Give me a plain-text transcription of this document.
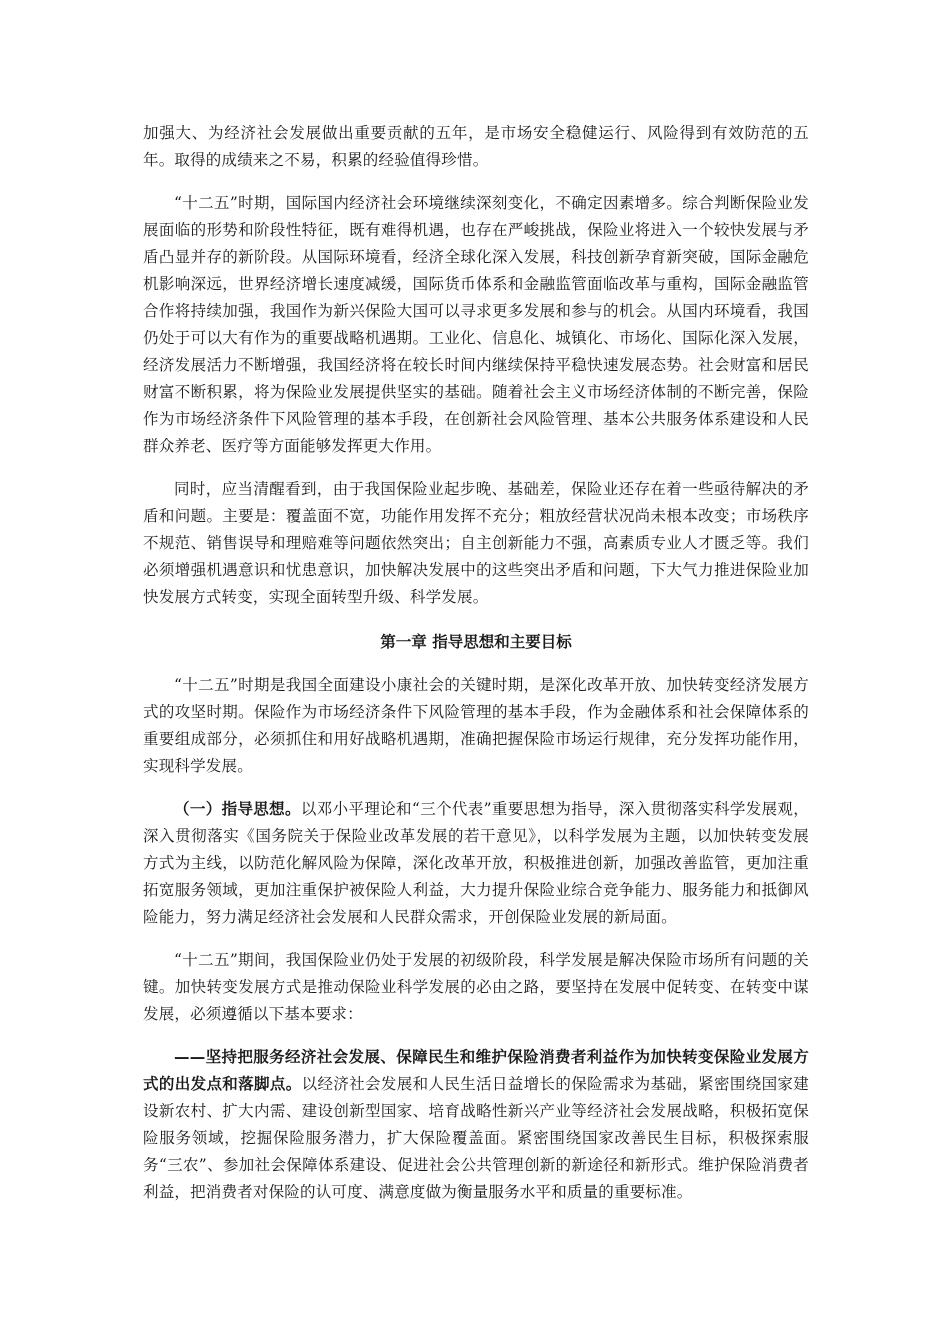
加强大、为经济社会发展做出重要贡献的五年，是市场安全稳健运行、风险得到有效防范的五年。取得的成绩来之不易，积累的经验值得珍惜。

“十二五”时期，国际国内经济社会环境继续深刻变化，不确定因素增多。综合判断保险业发展面临的形势和阶段性特征，既有难得机遇，也存在严峻挑战，保险业将进入一个较快发展与矛盾凸显并存的新阶段。从国际环境看，经济全球化深入发展，科技创新孕育新突破，国际金融危机影响深远，世界经济增长速度减缓，国际货币体系和金融监管面临改革与重构，国际金融监管合作将持续加强，我国作为新兴保险大国可以寻求更多发展和参与的机会。从国内环境看，我国仍处于可以大有作为的重要战略机遇期。工业化、信息化、城镇化、市场化、国际化深入发展，经济发展活力不断增强，我国经济将在较长时间内继续保持平稳快速发展态势。社会财富和居民财富不断积累，将为保险业发展提供坚实的基础。随着社会主义市场经济体制的不断完善，保险作为市场经济条件下风险管理的基本手段，在创新社会风险管理、基本公共服务体系建设和人民群众养老、医疗等方面能够发挥更大作用。

同时，应当清醒看到，由于我国保险业起步晚、基础差，保险业还存在着一些亟待解决的矛盾和问题。主要是：覆盖面不宽，功能作用发挥不充分；粗放经营状况尚未根本改变；市场秩序不规范、销售误导和理赔难等问题依然突出；自主创新能力不强，高素质专业人才匮乏等。我们必须增强机遇意识和忧患意识，加快解决发展中的这些突出矛盾和问题，下大气力推进保险业加快发展方式转变，实现全面转型升级、科学发展。

第一章 指导思想和主要目标

“十二五”时期是我国全面建设小康社会的关键时期，是深化改革开放、加快转变经济发展方式的攻坚时期。保险作为市场经济条件下风险管理的基本手段，作为金融体系和社会保障体系的重要组成部分，必须抓住和用好战略机遇期，准确把握保险市场运行规律，充分发挥功能作用，实现科学发展。

（一）指导思想。以邓小平理论和“三个代表”重要思想为指导，深入贯彻落实科学发展观，深入贯彻落实《国务院关于保险业改革发展的若干意见》，以科学发展为主题，以加快转变发展方式为主线，以防范化解风险为保障，深化改革开放，积极推进创新，加强改善监管，更加注重拓宽服务领域，更加注重保护被保险人利益，大力提升保险业综合竞争能力、服务能力和抵御风险能力，努力满足经济社会发展和人民群众需求，开创保险业发展的新局面。

“十二五”期间，我国保险业仍处于发展的初级阶段，科学发展是解决保险市场所有问题的关键。加快转变发展方式是推动保险业科学发展的必由之路，要坚持在发展中促转变、在转变中谋发展，必须遵循以下基本要求：

——坚持把服务经济社会发展、保障民生和维护保险消费者利益作为加快转变保险业发展方式的出发点和落脚点。以经济社会发展和人民生活日益增长的保险需求为基础，紧密围绕国家建设新农村、扩大内需、建设创新型国家、培育战略性新兴产业等经济社会发展战略，积极拓宽保险服务领域，挖掘保险服务潜力，扩大保险覆盖面。紧密围绕国家改善民生目标，积极探索服务“三农”、参加社会保障体系建设、促进社会公共管理创新的新途径和新形式。维护保险消费者利益，把消费者对保险的认可度、满意度做为衡量服务水平和质量的重要标准。
